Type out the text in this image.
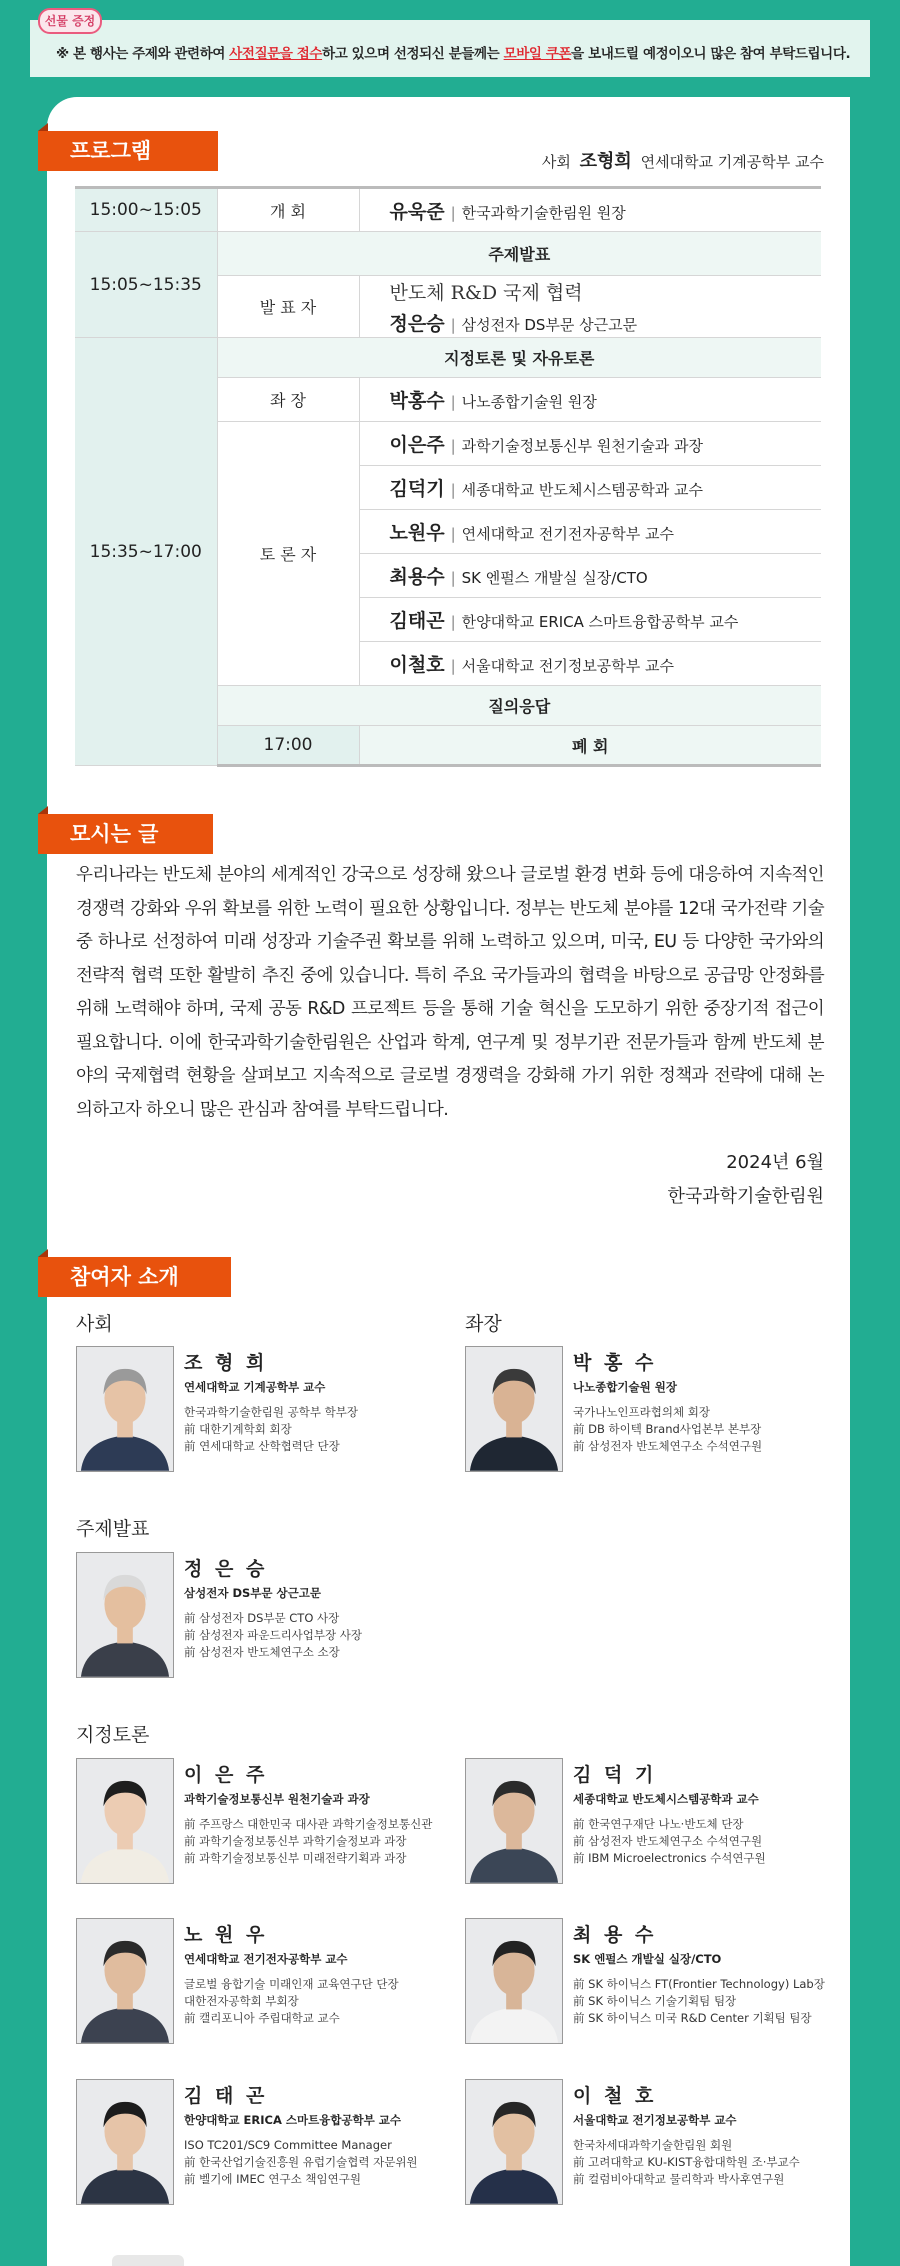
※ 본 행사는 주제와 관련하여 사전질문을 접수하고 있으며 선정되신 분들께는 모바일 쿠폰을 보내드릴 예정이오니 많은 참여 부탁드립니다.
선물 증정
프로그램	사회 조형희 연세대학교 기계공학부 교수
15:00~15:05	개 회	유욱준 | 한국과학기술한림원 원장
15:05~15:35	주제발표	
	발 표 자	반도체 R&D 국제 협력
정은승 | 삼성전자 DS부문 상근고문

15:35~17:00	지정토론 및 자유토론	
	좌 장	박홍수 | 나노종합기술원 원장
	토 론 자	이은주 | 과학기술정보통신부 원천기술과 과장
		김덕기 | 세종대학교 반도체시스템공학과 교수
		노원우 | 연세대학교 전기전자공학부 교수
		최용수 | SK 엔펄스 개발실 실장/CTO
		김태곤 | 한양대학교 ERICA 스마트융합공학부 교수
		이철호 | 서울대학교 전기정보공학부 교수
	질의응답	
	17:00	폐 회
모시는 글
우리나라는 반도체 분야의 세계적인 강국으로 성장해 왔으나 글로벌 환경 변화 등에 대응하여 지속적인 경쟁력 강화와 우위 확보를 위한 노력이 필요한 상황입니다. 정부는 반도체 분야를 12대 국가전략 기술 중 하나로 선정하여 미래 성장과 기술주권 확보를 위해 노력하고 있으며, 미국, EU 등 다양한 국가와의 전략적 협력 또한 활발히 추진 중에 있습니다. 특히 주요 국가들과의 협력을 바탕으로 공급망 안정화를 위해 노력해야 하며, 국제 공동 R&D 프로젝트 등을 통해 기술 혁신을 도모하기 위한 중장기적 접근이 필요합니다. 이에 한국과학기술한림원은 산업과 학계, 연구계 및 정부기관 전문가들과 함께 반도체 분야의 국제협력 현황을 살펴보고 지속적으로 글로벌 경쟁력을 강화해 가기 위한 정책과 전략에 대해 논의하고자 하오니 많은 관심과 참여를 부탁드립니다.
2024년 6월
한국과학기술한림원
참여자 소개
사회	좌장
주제발표
지정토론
조 형 희
연세대학교 기계공학부 교수
한국과학기술한림원 공학부 학부장
前 대한기계학회 회장
前 연세대학교 산학협력단 단장
박 홍 수
나노종합기술원 원장
국가나노인프라협의체 회장
前 DB 하이텍 Brand사업본부 본부장
前 삼성전자 반도체연구소 수석연구원
정 은 승
삼성전자 DS부문 상근고문
前 삼성전자 DS부문 CTO 사장
前 삼성전자 파운드리사업부장 사장
前 삼성전자 반도체연구소 소장
이 은 주
과학기술정보통신부 원천기술과 과장
前 주프랑스 대한민국 대사관 과학기술정보통신관
前 과학기술정보통신부 과학기술정보과 과장
前 과학기술정보통신부 미래전략기획과 과장
김 덕 기
세종대학교 반도체시스템공학과 교수
前 한국연구재단 나노·반도체 단장
前 삼성전자 반도체연구소 수석연구원
前 IBM Microelectronics 수석연구원
노 원 우
연세대학교 전기전자공학부 교수
글로벌 융합기술 미래인재 교육연구단 단장
대한전자공학회 부회장
前 캘리포니아 주립대학교 교수
최 용 수
SK 엔펄스 개발실 실장/CTO
前 SK 하이닉스 FT(Frontier Technology) Lab장
前 SK 하이닉스 기술기획팀 팀장
前 SK 하이닉스 미국 R&D Center 기획팀 팀장
김 태 곤
한양대학교 ERICA 스마트융합공학부 교수
ISO TC201/SC9 Committee Manager
前 한국산업기술진흥원 유럽기술협력 자문위원
前 벨기에 IMEC 연구소 책임연구원
이 철 호
서울대학교 전기정보공학부 교수
한국차세대과학기술한림원 회원
前 고려대학교 KU-KIST융합대학원 조·부교수
前 컬럼비아대학교 물리학과 박사후연구원
